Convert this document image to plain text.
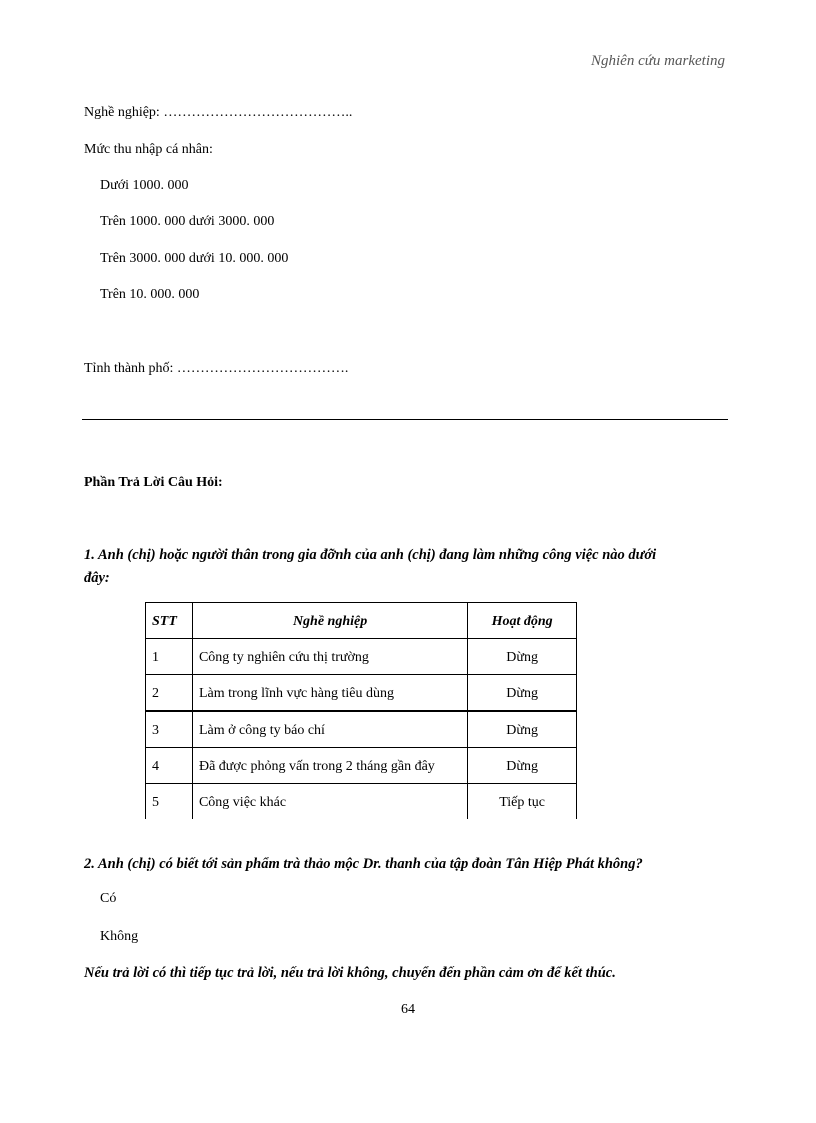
Nghiên cứu marketing
Nghề nghiệp: …………………………………..
Mức thu nhập cá nhân:
Dưới 1000. 000
Trên 1000. 000 dưới 3000. 000
Trên 3000. 000 dưới 10. 000. 000
Trên 10. 000. 000
Tỉnh thành phố: ……………………………….
Phần Trả Lời Câu Hỏi:
1. Anh (chị) hoặc người thân trong gia đỡnh của anh (chị) đang làm những công việc nào dưới
đây:
STT	Nghề nghiệp	Hoạt động
1	Công ty nghiên cứu thị trường	Dừng
2	Làm trong lĩnh vực hàng tiêu dùng	Dừng
3	Làm ở công ty báo chí	Dừng
4	Đã được phỏng vấn trong 2 tháng gần đây	Dừng
5	Công việc khác	Tiếp tục
2. Anh (chị) có biết tới sản phẩm trà thảo mộc Dr. thanh của tập đoàn Tân Hiệp Phát không?
Có
Không
Nếu trả lời có thì tiếp tục trả lời, nếu trả lời không, chuyển đến phần cảm ơn để kết thúc.
64
